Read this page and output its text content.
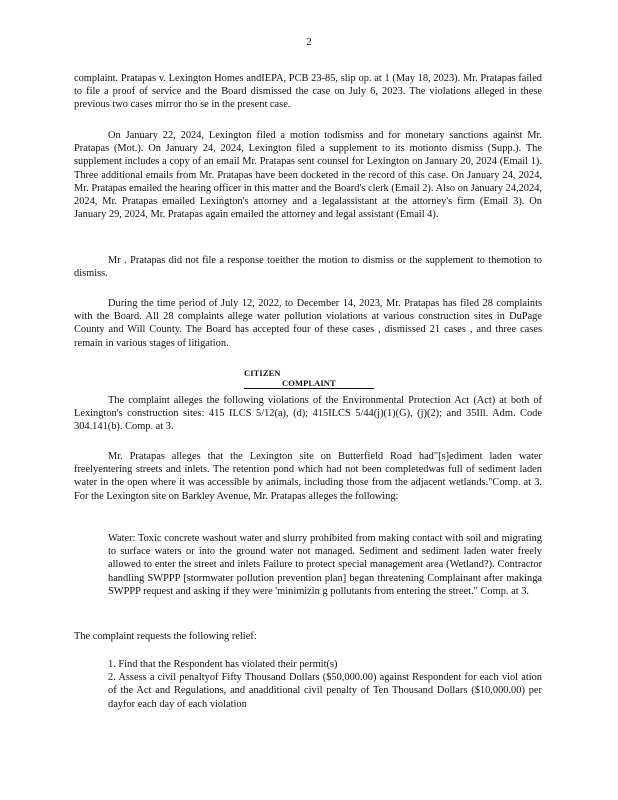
2

complaint. Pratapas v. Lexington Homes andIEPA, PCB 23-85, slip op. at 1 (May 18, 2023). Mr. Pratapas failed to file a proof of service and the Board dismissed the case on July 6, 2023. The violations alleged in these previous two cases mirror tho se in the present case.

On January 22, 2024, Lexington filed a motion todismiss and for monetary sanctions against Mr. Pratapas (Mot.). On January 24, 2024, Lexington filed a supplement to its motionto dismiss (Supp.). The supplement includes a copy of an email Mr. Pratapas sent counsel for Lexington on January 20, 2024 (Email 1). Three additional emails from Mr. Pratapas have been docketed in the record of this case. On January 24, 2024, Mr. Pratapas emailed the hearing officer in this matter and the Board's clerk (Email 2). Also on January 24,2024, 2024, Mr. Pratapas emailed Lexington's attorney and a legalassistant at the attorney's firm (Email 3). On January 29, 2024, Mr. Pratapas again emailed the attorney and legal assistant (Email 4).

Mr . Pratapas did not file a response toeither the motion to dismiss or the supplement to themotion to dismiss.

During the time period of July 12, 2022, to December 14, 2023, Mr. Pratapas has filed 28 complaints with the Board. All 28 complaints allege water pollution violations at various construction sites in DuPage County and Will County. The Board has accepted four of these cases , dismissed 21 cases , and three cases remain in various stages of litigation.

CITIZEN COMPLAINT

The complaint alleges the following violations of the Environmental Protection Act (Act) at both of Lexington's construction sites: 415 ILCS 5/12(a), (d); 415ILCS 5/44(j)(1)(G), (j)(2); and 35Ill. Adm. Code 304.141(b). Comp. at 3.

Mr. Pratapas alleges that the Lexington site on Butterfield Road had"[s]ediment laden water freelyentering streets and inlets. The retention pond which had not been completedwas full of sediment laden water in the open where it was accessible by animals, including those from the adjacent wetlands."Comp. at 3. For the Lexington site on Barkley Avenue, Mr. Pratapas alleges the following:

Water: Toxic concrete washout water and slurry prohibited from making contact with soil and migrating to surface waters or into the ground water not managed. Sediment and sediment laden water freely allowed to enter the street and inlets Failure to protect special management area (Wetland?). Contractor handling SWPPP [stormwater pollution prevention plan] began threatening Complainant after makinga SWPPP request and asking if they were 'minimizin g pollutants from entering the street." Comp. at 3.

The complaint requests the following relief:

1. Find that the Respondent has violated their permit(s)

2. Assess a civil penaltyof Fifty Thousand Dollars ($50,000.00) against Respondent for each viol ation of the Act and Regulations, and anadditional civil penalty of Ten Thousand Dollars ($10,000.00) per dayfor each day of each violation
